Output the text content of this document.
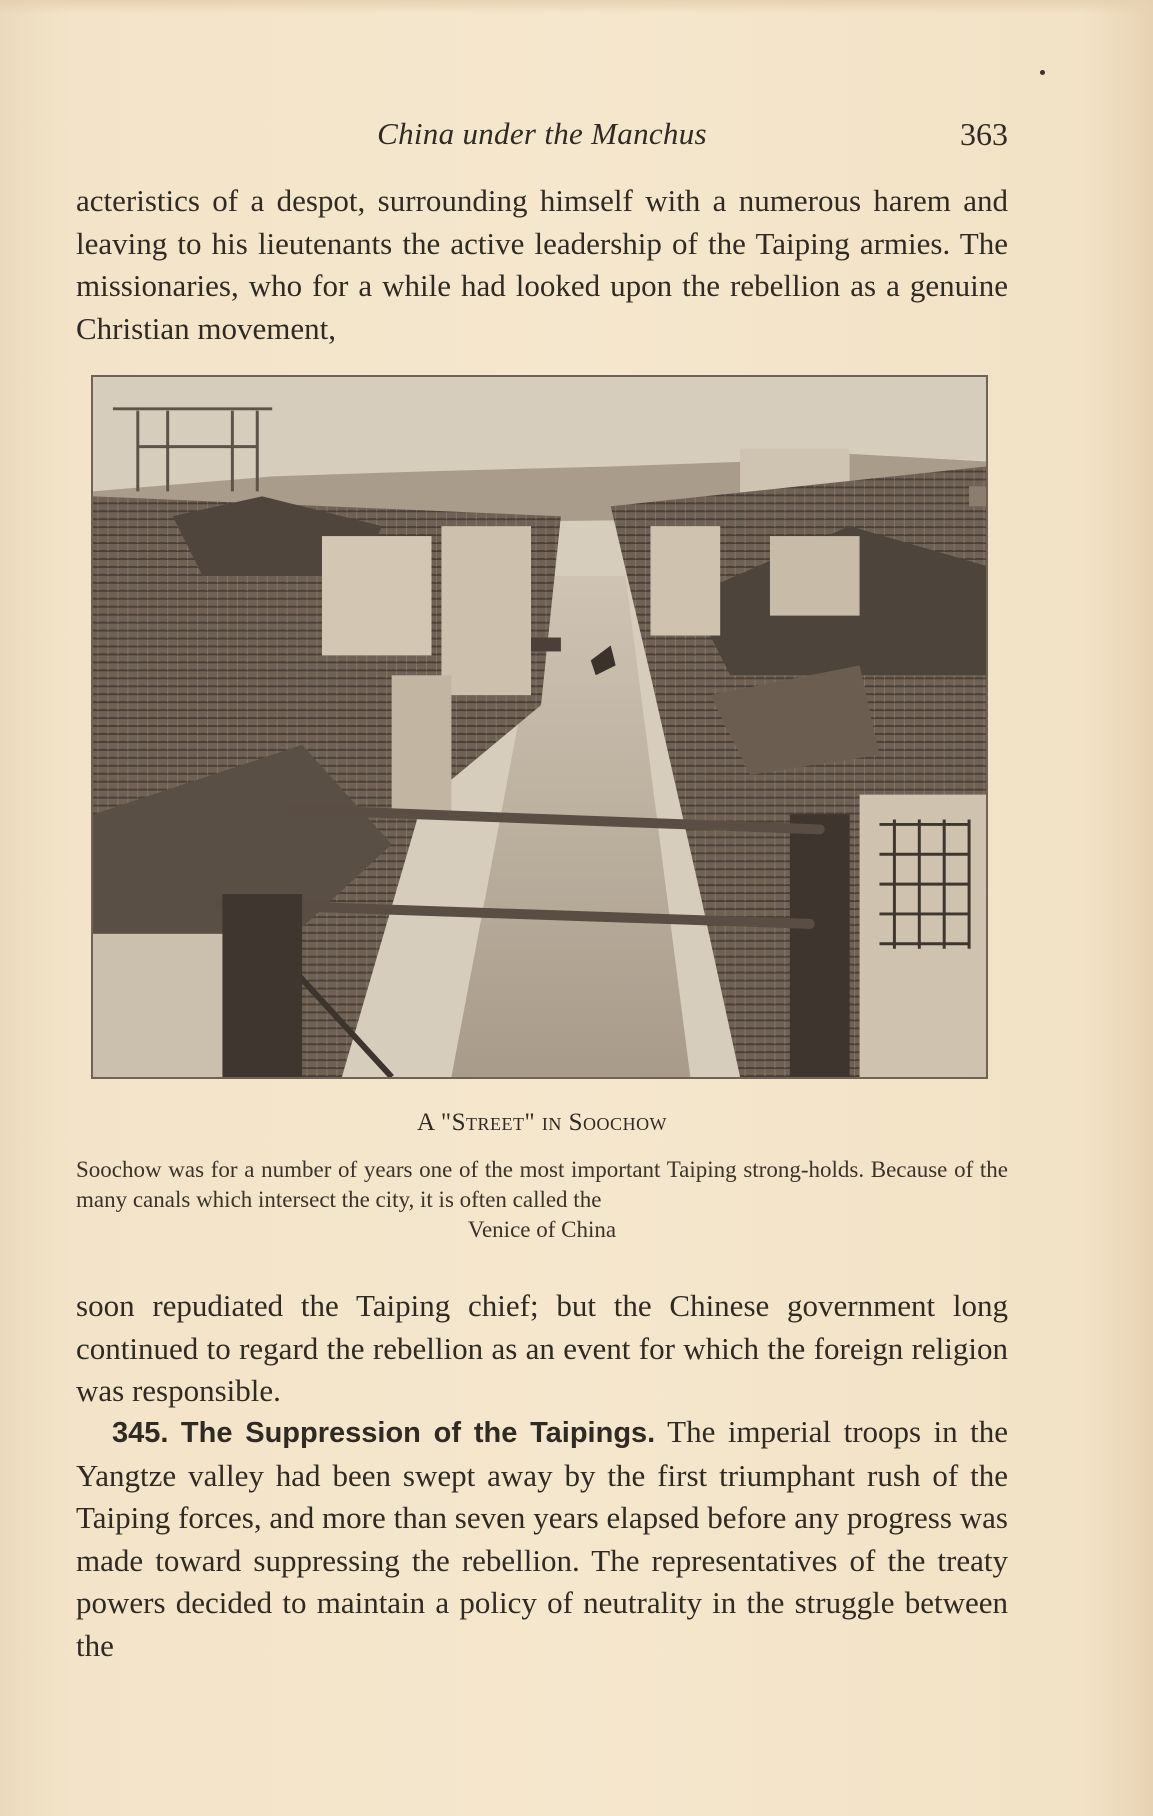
China under the Manchus	363
acteristics of a despot, surrounding himself with a numerous harem and leaving to his lieutenants the active leadership of the Taiping armies. The missionaries, who for a while had looked upon the rebellion as a genuine Christian movement,
A "Street" in Soochow
Soochow was for a number of years one of the most important Taiping strong-holds. Because of the many canals which intersect the city, it is often called the
Venice of China
soon repudiated the Taiping chief; but the Chinese government long continued to regard the rebellion as an event for which the foreign religion was responsible.
345. The Suppression of the Taipings. The imperial troops in the Yangtze valley had been swept away by the first triumphant rush of the Taiping forces, and more than seven years elapsed before any progress was made toward suppressing the rebellion. The representatives of the treaty powers decided to maintain a policy of neutrality in the struggle between the
